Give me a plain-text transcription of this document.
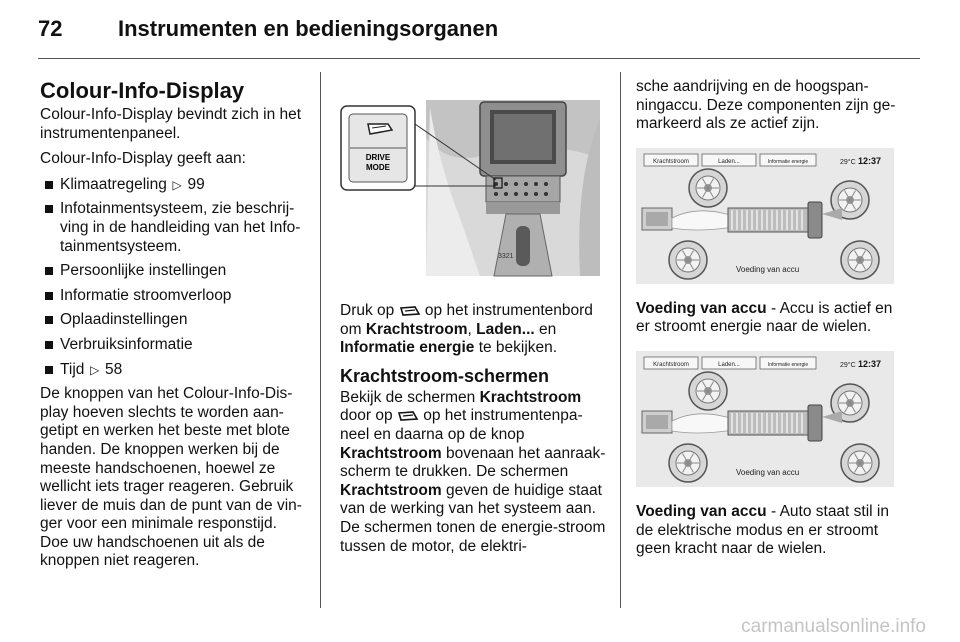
72	Instrumenten en bedieningsorganen
Colour-Info-Display

Colour-Info-Display bevindt zich in het instrumentenpaneel.

Colour-Info-Display geeft aan:

Klimaatregeling ▷ 99
Infotainmentsysteem, zie beschrij-ving in de handleiding van het Info-tainmentsysteem.
Persoonlijke instellingen
Informatie stroomverloop
Oplaadinstellingen
Verbruiksinformatie
Tijd ▷ 58

De knoppen van het Colour-Info-Dis-play hoeven slechts te worden aan-getipt en werken het beste met blote handen. De knoppen werken bij de meeste handschoenen, hoewel ze wellicht iets trager reageren. Gebruik liever de muis dan de punt van de vin-ger voor een minimale responstijd. Doe uw handschoenen uit als de knoppen niet reageren.

3321
DRIVE
MODE

Druk op op het instrumentenbord om Krachtstroom, Laden... en Informatie energie te bekijken.

Krachtstroom-schermen

Bekijk de schermen Krachtstroom door op op het instrumentenpa-neel en daarna op de knop Krachtstroom bovenaan het aanraak-scherm te drukken. De schermen Krachtstroom geven de huidige staat van de werking van het systeem aan. De schermen tonen de energie-stroom tussen de motor, de elektri-

sche aandrijving en de hoogspan-ningaccu. Deze componenten zijn ge-markeerd als ze actief zijn.

Krachtstroom	Laden...	Informatie energie	29°C 12:37
Voeding van accu

Voeding van accu - Accu is actief en er stroomt energie naar de wielen.

Krachtstroom	Laden...	Informatie energie	29°C 12:37
Voeding van accu

Voeding van accu - Auto staat stil in de elektrische modus en er stroomt geen kracht naar de wielen.

carmanualsonline.info
